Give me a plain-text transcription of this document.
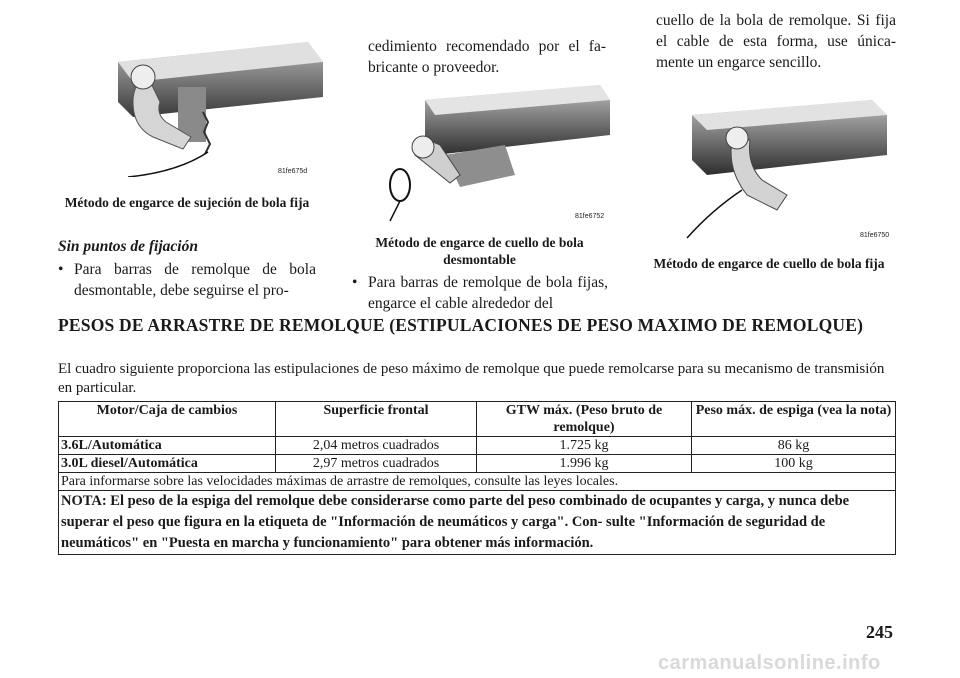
81fe675d
Método de engarce de sujeción de bola fija
Sin puntos de fijación
• Para barras de remolque de bola desmontable, debe seguirse el pro-
cedimiento recomendado por el fa- bricante o proveedor.
81fe6752
Método de engarce de cuello de bola desmontable
• Para barras de remolque de bola fijas, engarce el cable alrededor del
cuello de la bola de remolque. Si fija el cable de esta forma, use única- mente un engarce sencillo.
81fe6750
Método de engarce de cuello de bola fija
PESOS DE ARRASTRE DE REMOLQUE (ESTIPULACIONES DE PESO MAXIMO DE REMOLQUE)
El cuadro siguiente proporciona las estipulaciones de peso máximo de remolque que puede remolcarse para su mecanismo de transmisión en particular.
Motor/Caja de cambios	Superficie frontal	GTW máx. (Peso bruto de remolque)	Peso máx. de espiga (vea la nota)
3.6L/Automática	2,04 metros cuadrados	1.725 kg	86 kg
3.0L diesel/Automática	2,97 metros cuadrados	1.996 kg	100 kg
Para informarse sobre las velocidades máximas de arrastre de remolques, consulte las leyes locales.			
NOTA: El peso de la espiga del remolque debe considerarse como parte del peso combinado de ocupantes y carga, y nunca debe superar el peso que figura en la etiqueta de "Información de neumáticos y carga". Con- sulte "Información de seguridad de neumáticos" en "Puesta en marcha y funcionamiento" para obtener más información.			
245
carmanualsonline.info
